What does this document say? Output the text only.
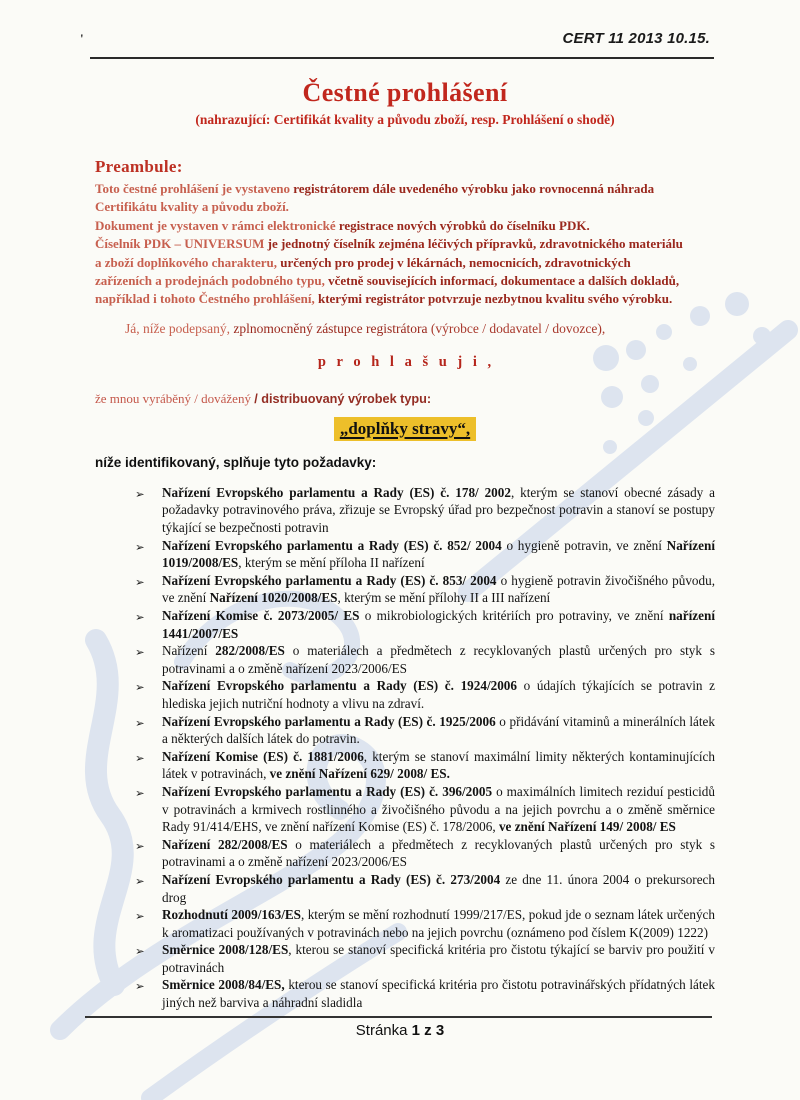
'	CERT 11 2013 10.15.
Čestné prohlášení
(nahrazující: Certifikát kvality a původu zboží, resp. Prohlášení o shodě)
Preambule:
Toto čestné prohlášení je vystaveno registrátorem dále uvedeného výrobku jako rovnocenná náhrada
Certifikátu kvality a původu zboží.
Dokument je vystaven v rámci elektronické registrace nových výrobků do číselníku PDK.
Číselník PDK – UNIVERSUM je jednotný číselník zejména léčivých přípravků, zdravotnického materiálu
a zboží doplňkového charakteru, určených pro prodej v lékárnách, nemocnicích, zdravotnických
zařízeních a prodejnách podobného typu, včetně souvisejících informací, dokumentace a dalších dokladů,
například i tohoto Čestného prohlášení, kterými registrátor potvrzuje nezbytnou kvalitu svého výrobku.
Já, níže podepsaný, zplnomocněný zástupce registrátora (výrobce / dodavatel / dovozce),
p r o h l a š u j i ,
že mnou vyráběný / dovážený / distribuovaný výrobek typu:
„doplňky stravy“,
níže identifikovaný, splňuje tyto požadavky:
➢ Nařízení Evropského parlamentu a Rady (ES) č. 178/ 2002, kterým se stanoví obecné zásady a požadavky potravinového práva, zřizuje se Evropský úřad pro bezpečnost potravin a stanoví se postupy týkající se bezpečnosti potravin
➢ Nařízení Evropského parlamentu a Rady (ES) č. 852/ 2004 o hygieně potravin, ve znění Nařízení 1019/2008/ES, kterým se mění příloha II nařízení
➢ Nařízení Evropského parlamentu a Rady (ES) č. 853/ 2004 o hygieně potravin živočišného původu, ve znění Nařízení 1020/2008/ES, kterým se mění přílohy II a III nařízení
➢ Nařízení Komise č. 2073/2005/ ES o mikrobiologických kritériích pro potraviny, ve znění nařízení 1441/2007/ES
➢ Nařízení 282/2008/ES o materiálech a předmětech z recyklovaných plastů určených pro styk s potravinami a o změně nařízení 2023/2006/ES
➢ Nařízení Evropského parlamentu a Rady (ES) č. 1924/2006 o údajích týkajících se potravin z hlediska jejich nutriční hodnoty a vlivu na zdraví.
➢ Nařízení Evropského parlamentu a Rady (ES) č. 1925/2006 o přidávání vitaminů a minerálních látek a některých dalších látek do potravin.
➢ Nařízení Komise (ES) č. 1881/2006, kterým se stanoví maximální limity některých kontaminujících látek v potravinách, ve znění Nařízení 629/ 2008/ ES.
➢ Nařízení Evropského parlamentu a Rady (ES) č. 396/2005 o maximálních limitech reziduí pesticidů v potravinách a krmivech rostlinného a živočišného původu a na jejich povrchu a o změně směrnice Rady 91/414/EHS, ve znění nařízení Komise (ES) č. 178/2006, ve znění Nařízení 149/ 2008/ ES
➢ Nařízení 282/2008/ES o materiálech a předmětech z recyklovaných plastů určených pro styk s potravinami a o změně nařízení 2023/2006/ES
➢ Nařízení Evropského parlamentu a Rady (ES) č. 273/2004 ze dne 11. února 2004 o prekursorech drog
➢ Rozhodnutí 2009/163/ES, kterým se mění rozhodnutí 1999/217/ES, pokud jde o seznam látek určených k aromatizaci používaných v potravinách nebo na jejich povrchu (oznámeno pod číslem K(2009) 1222)
➢ Směrnice 2008/128/ES, kterou se stanoví specifická kritéria pro čistotu týkající se barviv pro použití v potravinách
➢ Směrnice 2008/84/ES, kterou se stanoví specifická kritéria pro čistotu potravinářských přídatných látek jiných než barviva a náhradní sladidla
Stránka 1 z 3
